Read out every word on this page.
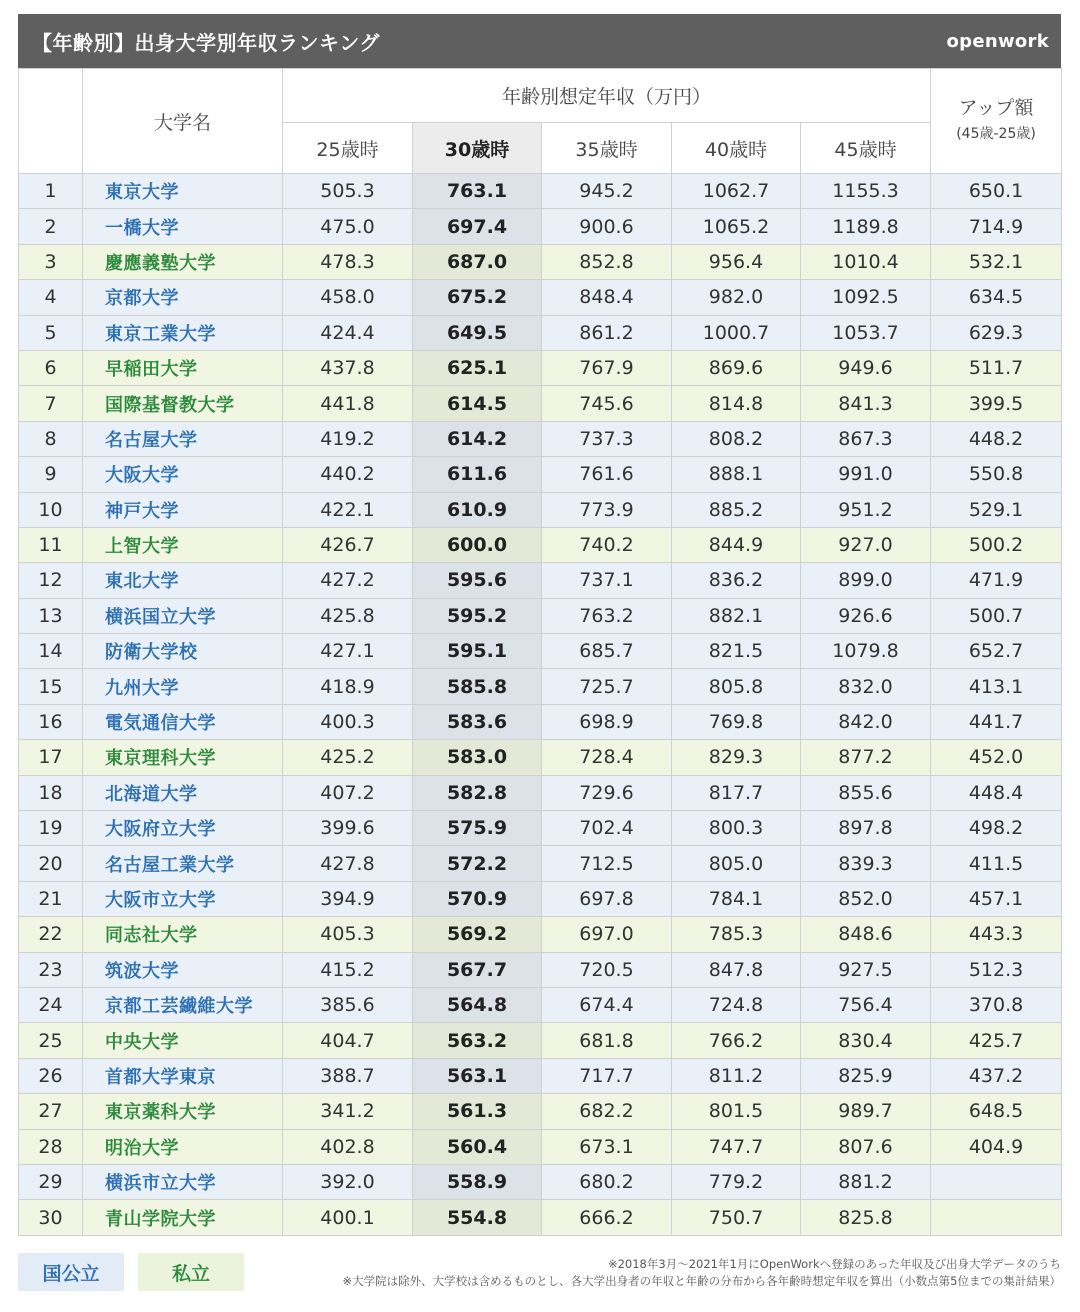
【年齢別】出身大学別年収ランキング	openwork
	大学名	年齢別想定年収（万円）					アップ額
(45歳-25歳)

		25歳時	30歳時	35歳時	40歳時	45歳時	
1	東京大学	505.3	763.1	945.2	1062.7	1155.3	650.1
2	一橋大学	475.0	697.4	900.6	1065.2	1189.8	714.9
3	慶應義塾大学	478.3	687.0	852.8	956.4	1010.4	532.1
4	京都大学	458.0	675.2	848.4	982.0	1092.5	634.5
5	東京工業大学	424.4	649.5	861.2	1000.7	1053.7	629.3
6	早稲田大学	437.8	625.1	767.9	869.6	949.6	511.7
7	国際基督教大学	441.8	614.5	745.6	814.8	841.3	399.5
8	名古屋大学	419.2	614.2	737.3	808.2	867.3	448.2
9	大阪大学	440.2	611.6	761.6	888.1	991.0	550.8
10	神戸大学	422.1	610.9	773.9	885.2	951.2	529.1
11	上智大学	426.7	600.0	740.2	844.9	927.0	500.2
12	東北大学	427.2	595.6	737.1	836.2	899.0	471.9
13	横浜国立大学	425.8	595.2	763.2	882.1	926.6	500.7
14	防衛大学校	427.1	595.1	685.7	821.5	1079.8	652.7
15	九州大学	418.9	585.8	725.7	805.8	832.0	413.1
16	電気通信大学	400.3	583.6	698.9	769.8	842.0	441.7
17	東京理科大学	425.2	583.0	728.4	829.3	877.2	452.0
18	北海道大学	407.2	582.8	729.6	817.7	855.6	448.4
19	大阪府立大学	399.6	575.9	702.4	800.3	897.8	498.2
20	名古屋工業大学	427.8	572.2	712.5	805.0	839.3	411.5
21	大阪市立大学	394.9	570.9	697.8	784.1	852.0	457.1
22	同志社大学	405.3	569.2	697.0	785.3	848.6	443.3
23	筑波大学	415.2	567.7	720.5	847.8	927.5	512.3
24	京都工芸繊維大学	385.6	564.8	674.4	724.8	756.4	370.8
25	中央大学	404.7	563.2	681.8	766.2	830.4	425.7
26	首都大学東京	388.7	563.1	717.7	811.2	825.9	437.2
27	東京薬科大学	341.2	561.3	682.2	801.5	989.7	648.5
28	明治大学	402.8	560.4	673.1	747.7	807.6	404.9
29	横浜市立大学	392.0	558.9	680.2	779.2	881.2	
30	青山学院大学	400.1	554.8	666.2	750.7	825.8	
国公立	私立	※2018年3月～2021年1月にOpenWorkへ登録のあった年収及び出身大学データのうち
※大学院は除外、大学校は含めるものとし、各大学出身者の年収と年齢の分布から各年齢時想定年収を算出（小数点第5位までの集計結果）
